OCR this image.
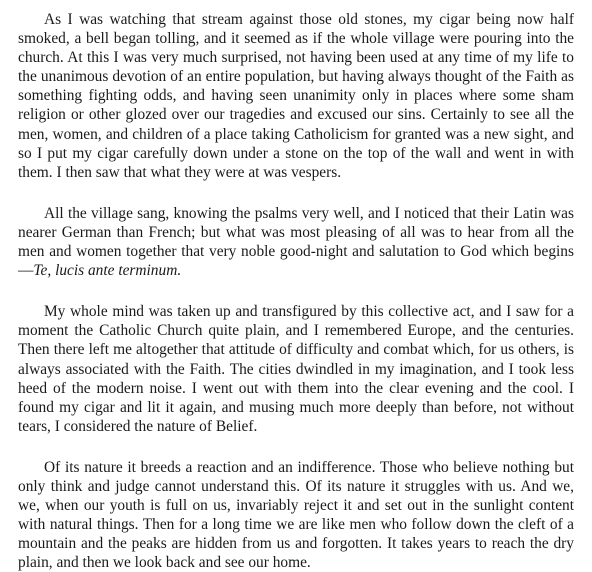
As I was watching that stream against those old stones, my cigar being now half smoked, a bell began tolling, and it seemed as if the whole village were pouring into the church. At this I was very much surprised, not having been used at any time of my life to the unanimous devotion of an entire population, but having always thought of the Faith as something fighting odds, and having seen unanimity only in places where some sham religion or other glozed over our tragedies and excused our sins. Certainly to see all the men, women, and children of a place taking Catholicism for granted was a new sight, and so I put my cigar carefully down under a stone on the top of the wall and went in with them. I then saw that what they were at was vespers.

All the village sang, knowing the psalms very well, and I noticed that their Latin was nearer German than French; but what was most pleasing of all was to hear from all the men and women together that very noble good-night and salutation to God which begins—Te, lucis ante terminum.

My whole mind was taken up and transfigured by this collective act, and I saw for a moment the Catholic Church quite plain, and I remembered Europe, and the centuries. Then there left me altogether that attitude of difficulty and combat which, for us others, is always associated with the Faith. The cities dwindled in my imagination, and I took less heed of the modern noise. I went out with them into the clear evening and the cool. I found my cigar and lit it again, and musing much more deeply than before, not without tears, I considered the nature of Belief.

Of its nature it breeds a reaction and an indifference. Those who believe nothing but only think and judge cannot understand this. Of its nature it struggles with us. And we, we, when our youth is full on us, invariably reject it and set out in the sunlight content with natural things. Then for a long time we are like men who follow down the cleft of a mountain and the peaks are hidden from us and forgotten. It takes years to reach the dry plain, and then we look back and see our home.
